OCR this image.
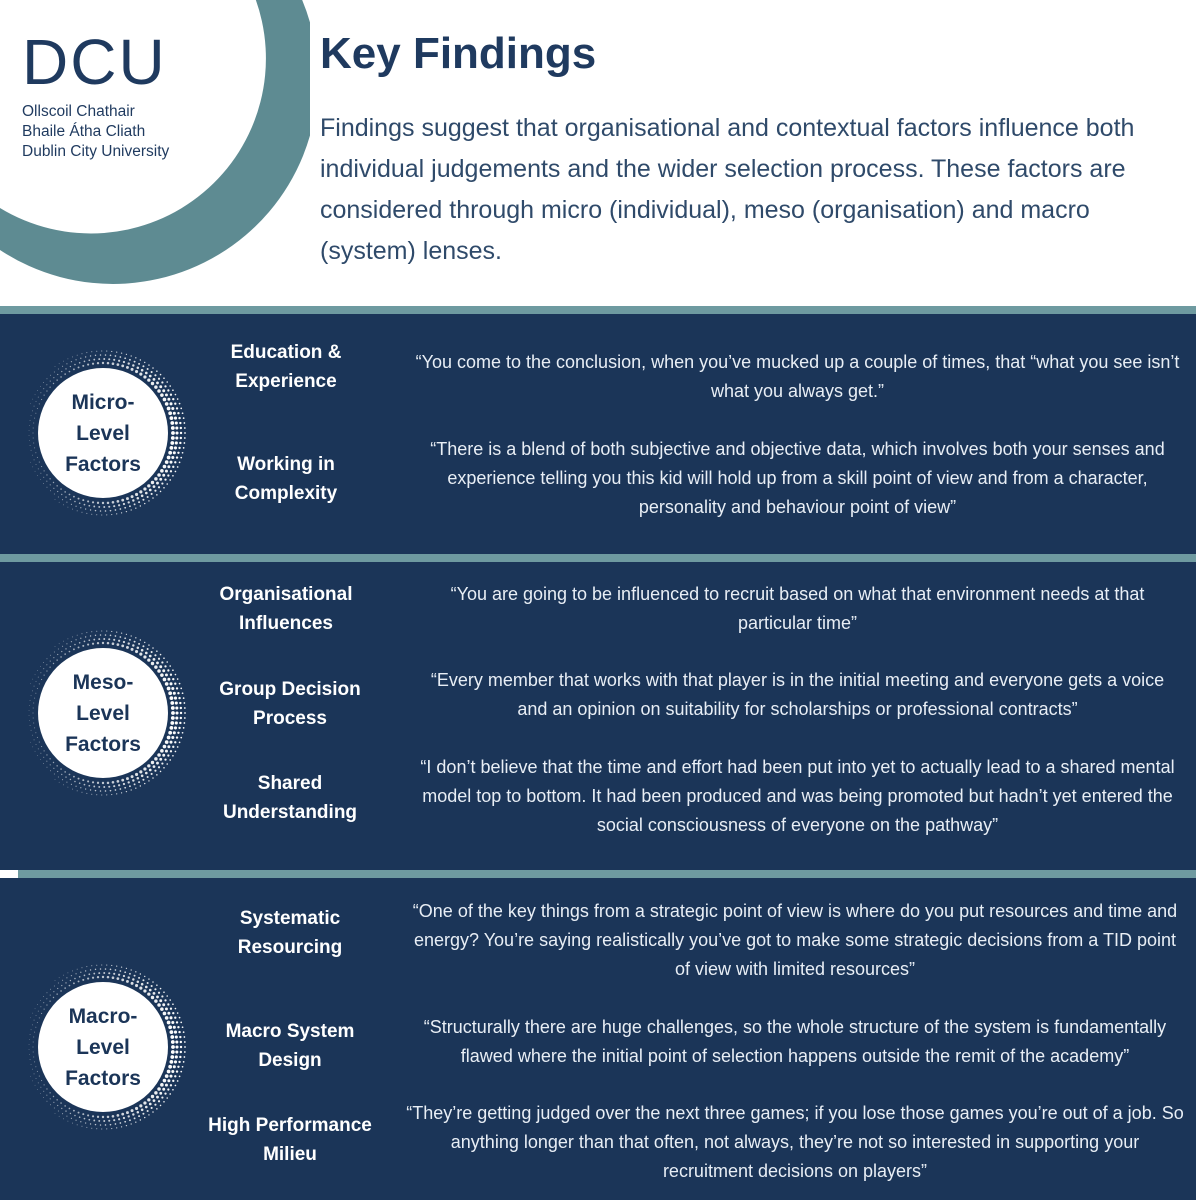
DCU
Ollscoil Chathair
Bhaile Átha Cliath
Dublin City University
Key Findings
Findings suggest that organisational and contextual factors influence both individual judgements and the wider selection process. These factors are considered through micro (individual), meso (organisation) and macro (system) lenses.
Micro-
Level
Factors
Meso-
Level
Factors
Macro-
Level
Factors
Education &
Experience
“You come to the conclusion, when you’ve mucked up a couple of times, that “what you see isn’t what you always get.”
Working in
Complexity
“There is a blend of both subjective and objective data, which involves both your senses and experience telling you this kid will hold up from a skill point of view and from a character, personality and behaviour point of view”
Organisational
Influences
“You are going to be influenced to recruit based on what that environment needs at that particular time”
Group Decision
Process
“Every member that works with that player is in the initial meeting and everyone gets a voice and an opinion on suitability for scholarships or professional contracts”
Shared
Understanding
“I don’t believe that the time and effort had been put into yet to actually lead to a shared mental model top to bottom. It had been produced and was being promoted but hadn’t yet entered the social consciousness of everyone on the pathway”
Systematic
Resourcing
“One of the key things from a strategic point of view is where do you put resources and time and energy? You’re saying realistically you’ve got to make some strategic decisions from a TID point of view with limited resources”
Macro System
Design
“Structurally there are huge challenges, so the whole structure of the system is fundamentally flawed where the initial point of selection happens outside the remit of the academy”
High Performance
Milieu
“They’re getting judged over the next three games; if you lose those games you’re out of a job. So anything longer than that often, not always, they’re not so interested in supporting your recruitment decisions on players”
